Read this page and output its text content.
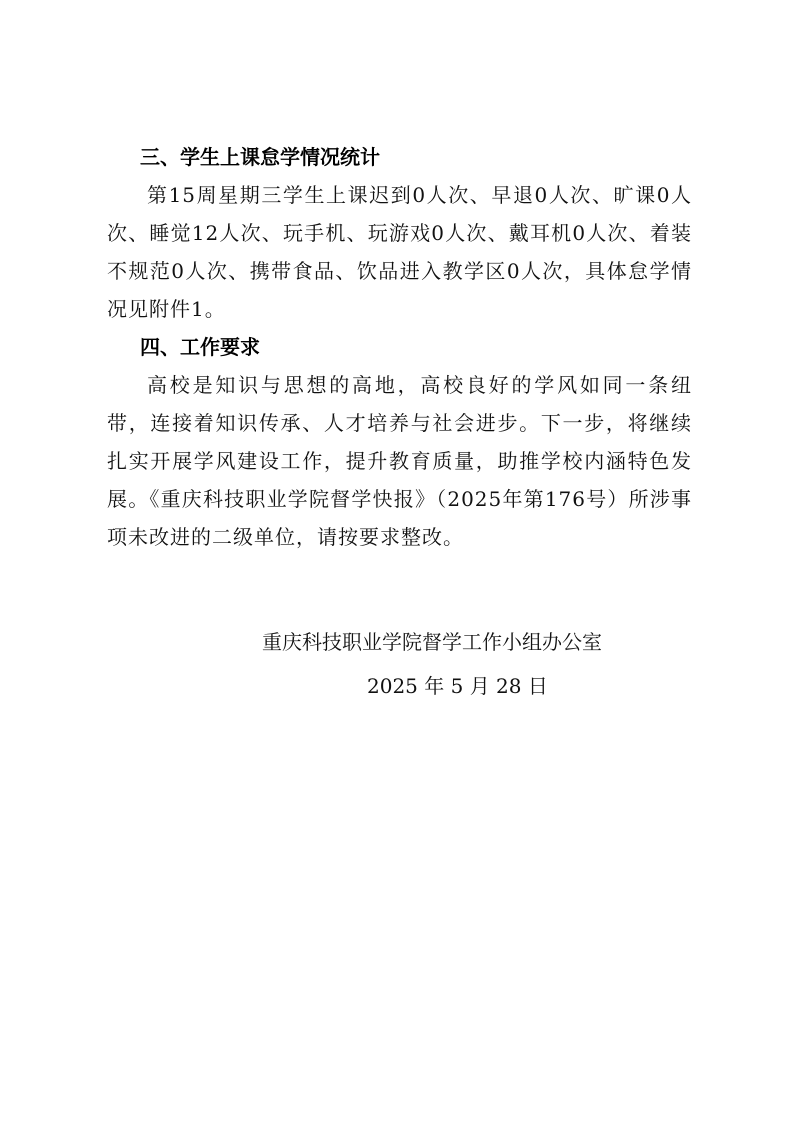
三、学生上课怠学情况统计

第15周星期三学生上课迟到0人次、早退0人次、旷课0人次、睡觉12人次、玩手机、玩游戏0人次、戴耳机0人次、着装不规范0人次、携带食品、饮品进入教学区0人次，具体怠学情况见附件1。

四、工作要求

高校是知识与思想的高地，高校良好的学风如同一条纽带，连接着知识传承、人才培养与社会进步。下一步，将继续扎实开展学风建设工作，提升教育质量，助推学校内涵特色发展。《重庆科技职业学院督学快报》（2025年第176号）所涉事项未改进的二级单位，请按要求整改。

重庆科技职业学院督学工作小组办公室
2025 年 5 月 28 日
